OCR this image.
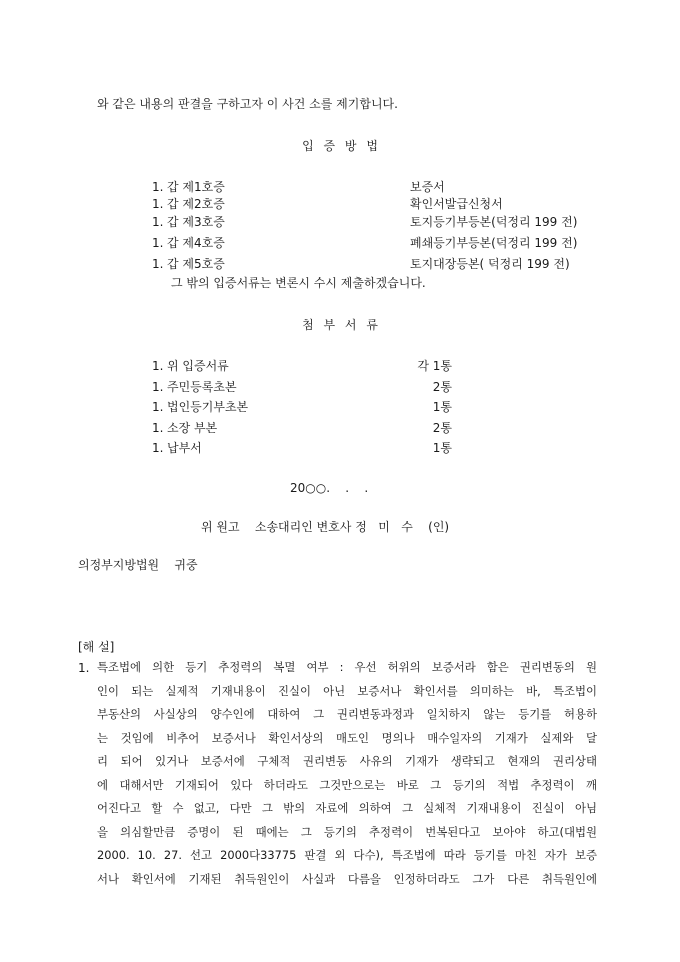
와 같은 내용의 판결을 구하고자 이 사건 소를 제기합니다.
입 증 방 법
1. 갑 제1호증	보증서
1. 갑 제2호증	확인서발급신청서
1. 갑 제3호증	토지등기부등본(덕정리 199 전)
1. 갑 제4호증	폐쇄등기부등본(덕정리 199 전)
1. 갑 제5호증	토지대장등본( 덕정리 199 전)
그 밖의 입증서류는 변론시 수시 제출하겠습니다.
첨 부 서 류
1. 위 입증서류	각 1통
1. 주민등록초본	2통
1. 법인등기부초본	1통
1. 소장 부본	2통
1. 납부서	1통
20○○.    .    .
위 원고    소송대리인 변호사 정   미   수    (인)
의정부지방법원    귀중
[해 설]
1. 특조법에 의한 등기 추정력의 복멸 여부 : 우선 허위의 보증서라 함은 권리변동의 원
인이 되는 실제적 기재내용이 진실이 아닌 보증서나 확인서를 의미하는 바, 특조법이
부동산의 사실상의 양수인에 대하여 그 권리변동과정과 일치하지 않는 등기를 허용하
는 것임에 비추어 보증서나 확인서상의 매도인 명의나 매수일자의 기재가 실제와 달
리 되어 있거나 보증서에 구체적 권리변동 사유의 기재가 생략되고 현재의 권리상태
에 대해서만 기재되어 있다 하더라도 그것만으로는 바로 그 등기의 적법 추정력이 깨
어진다고 할 수 없고, 다만 그 밖의 자료에 의하여 그 실체적 기재내용이 진실이 아님
을 의심할만큼 증명이 된 때에는 그 등기의 추정력이 번복된다고 보아야 하고(대법원
2000. 10. 27. 선고 2000다33775 판결 외 다수), 특조법에 따라 등기를 마친 자가 보증
서나 확인서에 기재된 취득원인이 사실과 다름을 인정하더라도 그가 다른 취득원인에
